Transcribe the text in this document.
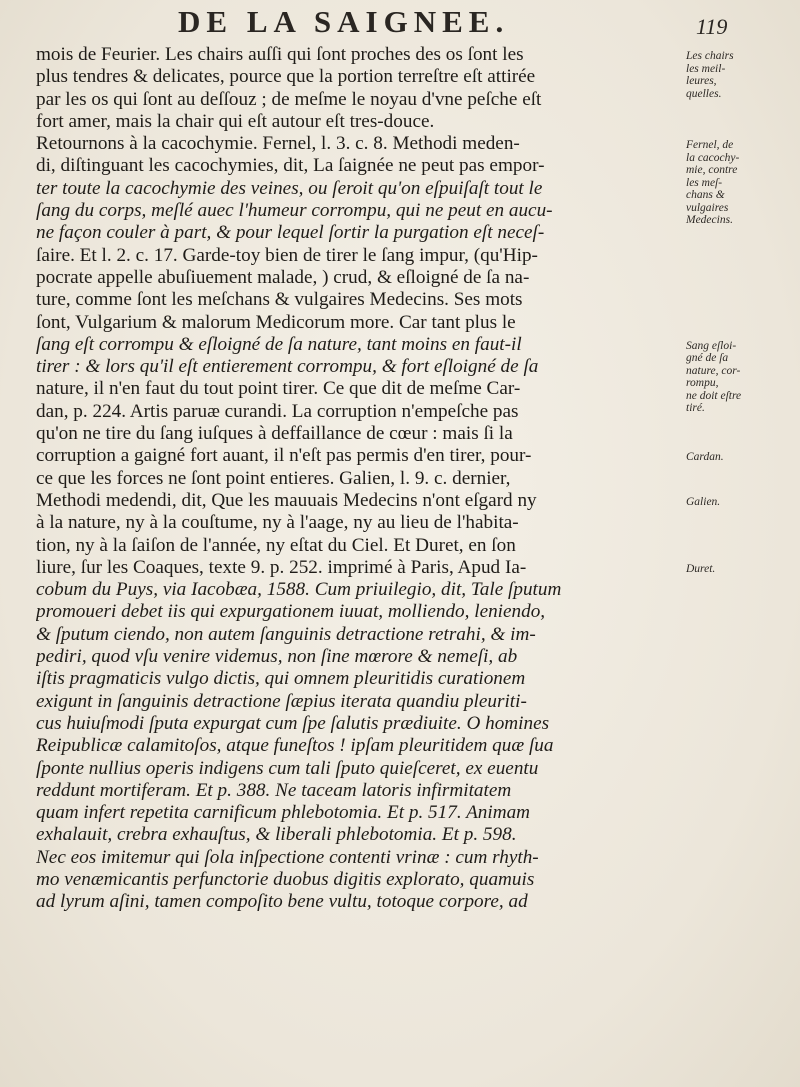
DE LA SAIGNEE.	119
mois de Feurier. Les chairs auſſi qui ſont proches des os ſont les
plus tendres & delicates, pource que la portion terreſtre eſt attirée
par les os qui ſont au deſſouz ; de meſme le noyau d'vne peſche eſt
fort amer, mais la chair qui eſt autour eſt tres-douce.
Retournons à la cacochymie. Fernel, l. 3. c. 8. Methodi meden-
di, diſtinguant les cacochymies, dit, La ſaignée ne peut pas empor-
ter toute la cacochymie des veines, ou ſeroit qu'on eſpuiſaſt tout le
ſang du corps, meſlé auec l'humeur corrompu, qui ne peut en aucu-
ne façon couler à part, & pour lequel ſortir la purgation eſt neceſ-
ſaire. Et l. 2. c. 17. Garde-toy bien de tirer le ſang impur, (qu'Hip-
pocrate appelle abuſiuement malade, ) crud, & eſloigné de ſa na-
ture, comme ſont les meſchans & vulgaires Medecins. Ses mots
ſont, Vulgarium & malorum Medicorum more. Car tant plus le
ſang eſt corrompu & eſloigné de ſa nature, tant moins en faut-il
tirer : & lors qu'il eſt entierement corrompu, & fort eſloigné de ſa
nature, il n'en faut du tout point tirer. Ce que dit de meſme Car-
dan, p. 224. Artis paruæ curandi. La corruption n'empeſche pas
qu'on ne tire du ſang iuſques à deffaillance de cœur : mais ſi la
corruption a gaigné fort auant, il n'eſt pas permis d'en tirer, pour-
ce que les forces ne ſont point entieres. Galien, l. 9. c. dernier,
Methodi medendi, dit, Que les mauuais Medecins n'ont eſgard ny
à la nature, ny à la couſtume, ny à l'aage, ny au lieu de l'habita-
tion, ny à la ſaiſon de l'année, ny eſtat du Ciel. Et Duret, en ſon
liure, ſur les Coaques, texte 9. p. 252. imprimé à Paris, Apud Ia-
cobum du Puys, via Iacobæa, 1588. Cum priuilegio, dit, Tale ſputum
promoueri debet iis qui expurgationem iuuat, molliendo, leniendo,
& ſputum ciendo, non autem ſanguinis detractione retrahi, & im-
pediri, quod vſu venire videmus, non ſine mœrore & nemeſi, ab
iſtis pragmaticis vulgo dictis, qui omnem pleuritidis curationem
exigunt in ſanguinis detractione ſæpius iterata quandiu pleuriti-
cus huiuſmodi ſputa expurgat cum ſpe ſalutis prædiuite. O homines
Reipublicæ calamitoſos, atque funeſtos ! ipſam pleuritidem quæ ſua
ſponte nullius operis indigens cum tali ſputo quieſceret, ex euentu
reddunt mortiferam. Et p. 388. Ne taceam latoris infirmitatem
quam infert repetita carnificum phlebotomia. Et p. 517. Animam
exhalauit, crebra exhauſtus, & liberali phlebotomia. Et p. 598.
Nec eos imitemur qui ſola inſpectione contenti vrinæ : cum rhyth-
mo venæmicantis perfunctorie duobus digitis explorato, quamuis
ad lyrum aſini, tamen compoſito bene vultu, totoque corpore, ad
Les chairs
les meil-
leures,
quelles.
Fernel, de
la cacochy-
mie, contre
les meſ-
chans &
vulgaires
Medecins.
Sang eſloi-
gné de ſa
nature, cor-
rompu,
ne doit eſtre
tiré.
Cardan.
Galien.
Duret.
